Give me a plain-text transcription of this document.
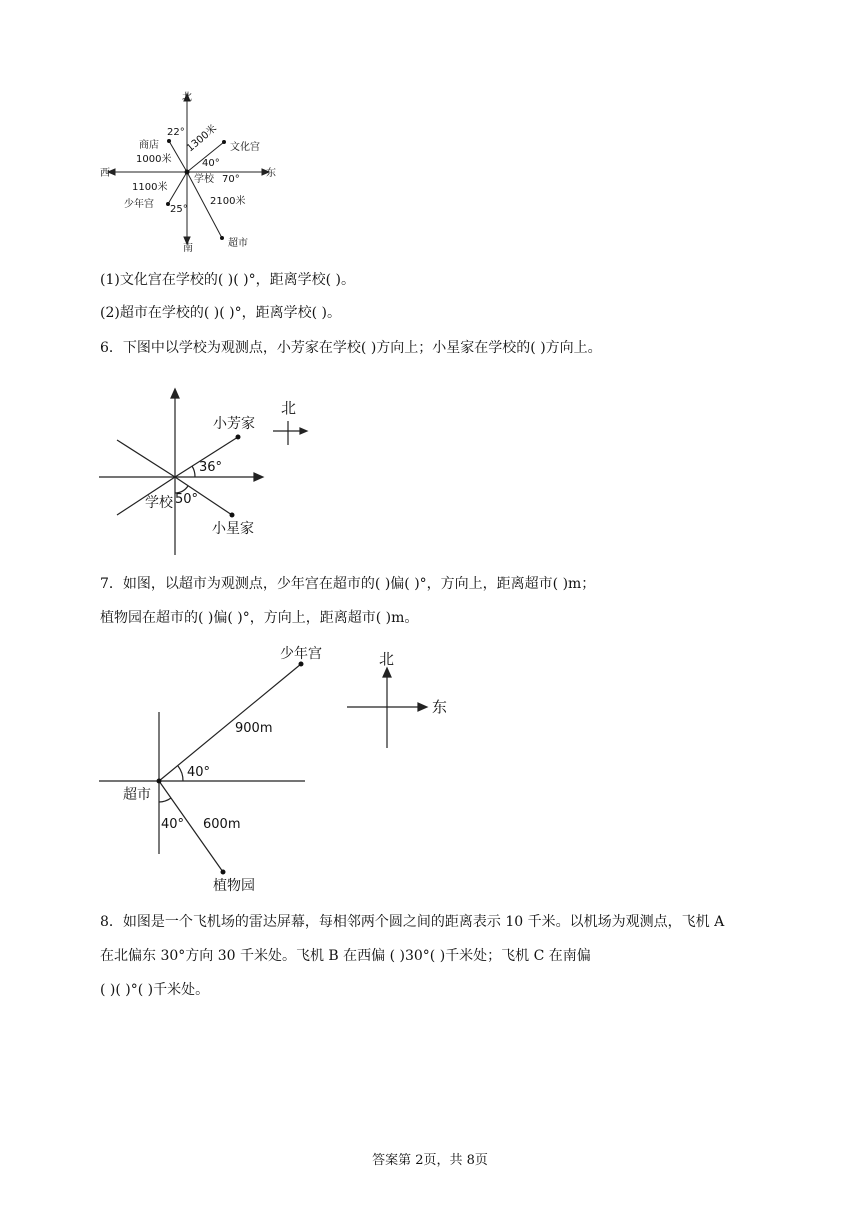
北
西	东
南
22°
商店
1000米
1300米 文化宫
40°
学校 70°
1100米
少年宫 25°
2100米
超市
(1)文化宫在学校的( )( )°，距离学校( )。
(2)超市在学校的( )( )°，距离学校( )。
6．下图中以学校为观测点，小芳家在学校( )方向上；小星家在学校的( )方向上。
小芳家
36°
学校 50°
小星家
北
7．如图，以超市为观测点，少年宫在超市的( )偏( )°，方向上，距离超市( )m；
植物园在超市的( )偏( )°，方向上，距离超市( )m。
少年宫
900m
40°
超市
40° 600m
植物园
北
东
8．如图是一个飞机场的雷达屏幕，每相邻两个圆之间的距离表示 10 千米。以机场为观测点，飞机 A
在北偏东 30°方向 30 千米处。飞机 B 在西偏 ( )30°( )千米处；飞机 C 在南偏
( )( )°( )千米处。
答案第 2页，共 8页
